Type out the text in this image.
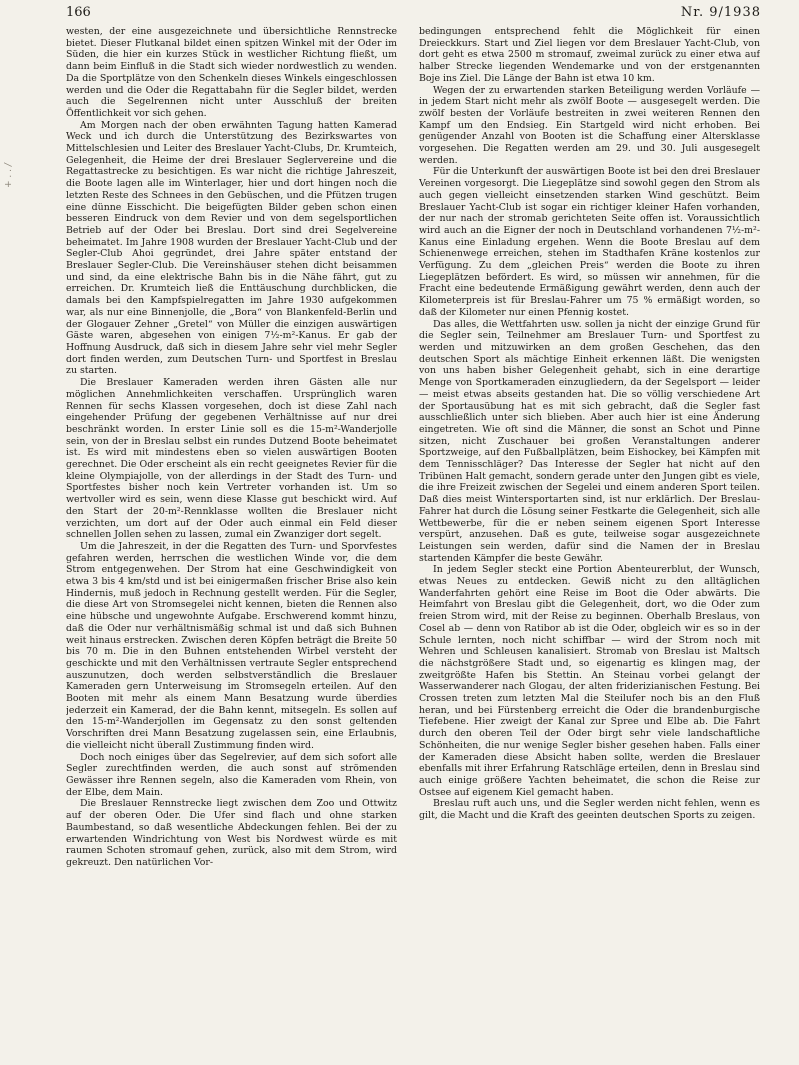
166	Nr. 9/1938
+ . . /

westen, der eine ausgezeichnete und übersichtliche Rennstrecke bietet. Dieser Flutkanal bildet einen spitzen Winkel mit der Oder im Süden, die hier ein kurzes Stück in westlicher Richtung fließt, um dann beim Einfluß in die Stadt sich wieder nordwestlich zu wenden. Da die Sportplätze von den Schenkeln dieses Winkels eingeschlossen werden und die Oder die Regattabahn für die Segler bildet, werden auch die Segelrennen nicht unter Ausschluß der breiten Öffentlichkeit vor sich gehen.

Am Morgen nach der oben erwähnten Tagung hatten Kamerad Weck und ich durch die Unterstützung des Bezirkswartes von Mittelschlesien und Leiter des Breslauer Yacht-Clubs, Dr. Krumteich, Gelegenheit, die Heime der drei Breslauer Seglervereine und die Regattastrecke zu besichtigen. Es war nicht die richtige Jahreszeit, die Boote lagen alle im Winterlager, hier und dort hingen noch die letzten Reste des Schnees in den Gebüschen, und die Pfützen trugen eine dünne Eisschicht. Die beigefügten Bilder geben schon einen besseren Eindruck von dem Revier und von dem segelsportlichen Betrieb auf der Oder bei Breslau. Dort sind drei Segelvereine beheimatet. Im Jahre 1908 wurden der Breslauer Yacht-Club und der Segler-Club Ahoi gegründet, drei Jahre später entstand der Breslauer Segler-Club. Die Vereinshäuser stehen dicht beisammen und sind, da eine elektrische Bahn bis in die Nähe fährt, gut zu erreichen. Dr. Krumteich ließ die Enttäuschung durchblicken, die damals bei den Kampfspielregatten im Jahre 1930 aufgekommen war, als nur eine Binnenjolle, die „Bora“ von Blankenfeld-Berlin und der Glogauer Zehner „Gretel“ von Müller die einzigen auswärtigen Gäste waren, abgesehen von einigen 7½-m²-Kanus. Er gab der Hoffnung Ausdruck, daß sich in diesem Jahre sehr viel mehr Segler dort finden werden, zum Deutschen Turn- und Sportfest in Breslau zu starten.

Die Breslauer Kameraden werden ihren Gästen alle nur möglichen Annehmlichkeiten verschaffen. Ursprünglich waren Rennen für sechs Klassen vorgesehen, doch ist diese Zahl nach eingehender Prüfung der gegebenen Verhältnisse auf nur drei beschränkt worden. In erster Linie soll es die 15-m²-Wanderjolle sein, von der in Breslau selbst ein rundes Dutzend Boote beheimatet ist. Es wird mit mindestens eben so vielen auswärtigen Booten gerechnet. Die Oder erscheint als ein recht geeignetes Revier für die kleine Olympiajolle, von der allerdings in der Stadt des Turn- und Sportfestes bisher noch kein Vertreter vorhanden ist. Um so wertvoller wird es sein, wenn diese Klasse gut beschickt wird. Auf den Start der 20-m²-Rennklasse wollten die Breslauer nicht verzichten, um dort auf der Oder auch einmal ein Feld dieser schnellen Jollen sehen zu lassen, zumal ein Zwanziger dort segelt.

Um die Jahreszeit, in der die Regatten des Turn- und Sporvfestes gefahren werden, herrschen die westlichen Winde vor, die dem Strom entgegenwehen. Der Strom hat eine Geschwindigkeit von etwa 3 bis 4 km/std und ist bei einigermaßen frischer Brise also kein Hindernis, muß jedoch in Rechnung gestellt werden. Für die Segler, die diese Art von Stromsegelei nicht kennen, bieten die Rennen also eine hübsche und ungewohnte Aufgabe. Erschwerend kommt hinzu, daß die Oder nur verhältnismäßig schmal ist und daß sich Buhnen weit hinaus erstrecken. Zwischen deren Köpfen beträgt die Breite 50 bis 70 m. Die in den Buhnen entstehenden Wirbel versteht der geschickte und mit den Verhältnissen vertraute Segler entsprechend auszunutzen, doch werden selbstverständlich die Breslauer Kameraden gern Unterweisung im Stromsegeln erteilen. Auf den Booten mit mehr als einem Mann Besatzung wurde überdies jederzeit ein Kamerad, der die Bahn kennt, mitsegeln. Es sollen auf den 15-m²-Wanderjollen im Gegensatz zu den sonst geltenden Vorschriften drei Mann Besatzung zugelassen sein, eine Erlaubnis, die vielleicht nicht überall Zustimmung finden wird.

Doch noch einiges über das Segelrevier, auf dem sich sofort alle Segler zurechtfinden werden, die auch sonst auf strömenden Gewässer ihre Rennen segeln, also die Kameraden vom Rhein, von der Elbe, dem Main.

Die Breslauer Rennstrecke liegt zwischen dem Zoo und Ottwitz auf der oberen Oder. Die Ufer sind flach und ohne starken Baumbestand, so daß wesentliche Abdeckungen fehlen. Bei der zu erwartenden Windrichtung von West bis Nordwest würde es mit raumen Schoten stromauf gehen, zurück, also mit dem Strom, wird gekreuzt. Den natürlichen Vor-

bedingungen entsprechend fehlt die Möglichkeit für einen Dreieckkurs. Start und Ziel liegen vor dem Breslauer Yacht-Club, von dort geht es etwa 2500 m stromauf, zweimal zurück zu einer etwa auf halber Strecke liegenden Wendemarke und von der erstgenannten Boje ins Ziel. Die Länge der Bahn ist etwa 10 km.

Wegen der zu erwartenden starken Beteiligung werden Vorläufe — in jedem Start nicht mehr als zwölf Boote — ausgesegelt werden. Die zwölf besten der Vorläufe bestreiten in zwei weiteren Rennen den Kampf um den Endsieg. Ein Startgeld wird nicht erhoben. Bei genügender Anzahl von Booten ist die Schaffung einer Altersklasse vorgesehen. Die Regatten werden am 29. und 30. Juli ausgesegelt werden.

Für die Unterkunft der auswärtigen Boote ist bei den drei Breslauer Vereinen vorgesorgt. Die Liegeplätze sind sowohl gegen den Strom als auch gegen vielleicht einsetzenden starken Wind geschützt. Beim Breslauer Yacht-Club ist sogar ein richtiger kleiner Hafen vorhanden, der nur nach der stromab gerichteten Seite offen ist. Voraussichtlich wird auch an die Eigner der noch in Deutschland vorhandenen 7½-m²-Kanus eine Einladung ergehen. Wenn die Boote Breslau auf dem Schienenwege erreichen, stehen im Stadthafen Kräne kostenlos zur Verfügung. Zu dem „gleichen Preis“ werden die Boote zu ihren Liegeplätzen befördert. Es wird, so müssen wir annehmen, für die Fracht eine bedeutende Ermäßigung gewährt werden, denn auch der Kilometerpreis ist für Breslau-Fahrer um 75 % ermäßigt worden, so daß der Kilometer nur einen Pfennig kostet.

Das alles, die Wettfahrten usw. sollen ja nicht der einzige Grund für die Segler sein, Teilnehmer am Breslauer Turn- und Sportfest zu werden und mitzuwirken an dem großen Geschehen, das den deutschen Sport als mächtige Einheit erkennen läßt. Die wenigsten von uns haben bisher Gelegenheit gehabt, sich in eine derartige Menge von Sportkameraden einzugliedern, da der Segelsport — leider — meist etwas abseits gestanden hat. Die so völlig verschiedene Art der Sportausübung hat es mit sich gebracht, daß die Segler fast ausschließlich unter sich blieben. Aber auch hier ist eine Änderung eingetreten. Wie oft sind die Männer, die sonst an Schot und Pinne sitzen, nicht Zuschauer bei großen Veranstaltungen anderer Sportzweige, auf den Fußballplätzen, beim Eishockey, bei Kämpfen mit dem Tennisschläger? Das Interesse der Segler hat nicht auf den Tribünen Halt gemacht, sondern gerade unter den Jungen gibt es viele, die ihre Freizeit zwischen der Segelei und einem anderen Sport teilen. Daß dies meist Wintersportarten sind, ist nur erklärlich. Der Breslau-Fahrer hat durch die Lösung seiner Festkarte die Gelegenheit, sich alle Wettbewerbe, für die er neben seinem eigenen Sport Interesse verspürt, anzusehen. Daß es gute, teilweise sogar ausgezeichnete Leistungen sein werden, dafür sind die Namen der in Breslau startenden Kämpfer die beste Gewähr.

In jedem Segler steckt eine Portion Abenteurerblut, der Wunsch, etwas Neues zu entdecken. Gewiß nicht zu den alltäglichen Wanderfahrten gehört eine Reise im Boot die Oder abwärts. Die Heimfahrt von Breslau gibt die Gelegenheit, dort, wo die Oder zum freien Strom wird, mit der Reise zu beginnen. Oberhalb Breslaus, von Cosel ab — denn von Ratibor ab ist die Oder, obgleich wir es so in der Schule lernten, noch nicht schiffbar — wird der Strom noch mit Wehren und Schleusen kanalisiert. Stromab von Breslau ist Maltsch die nächstgrößere Stadt und, so eigenartig es klingen mag, der zweitgrößte Hafen bis Stettin. An Steinau vorbei gelangt der Wasserwanderer nach Glogau, der alten friderizianischen Festung. Bei Crossen treten zum letzten Mal die Steilufer noch bis an den Fluß heran, und bei Fürstenberg erreicht die Oder die brandenburgische Tiefebene. Hier zweigt der Kanal zur Spree und Elbe ab. Die Fahrt durch den oberen Teil der Oder birgt sehr viele landschaftliche Schönheiten, die nur wenige Segler bisher gesehen haben. Falls einer der Kameraden diese Absicht haben sollte, werden die Breslauer ebenfalls mit ihrer Erfahrung Ratschläge erteilen, denn in Breslau sind auch einige größere Yachten beheimatet, die schon die Reise zur Ostsee auf eigenem Kiel gemacht haben.

Breslau ruft auch uns, und die Segler werden nicht fehlen, wenn es gilt, die Macht und die Kraft des geeinten deutschen Sports zu zeigen.
